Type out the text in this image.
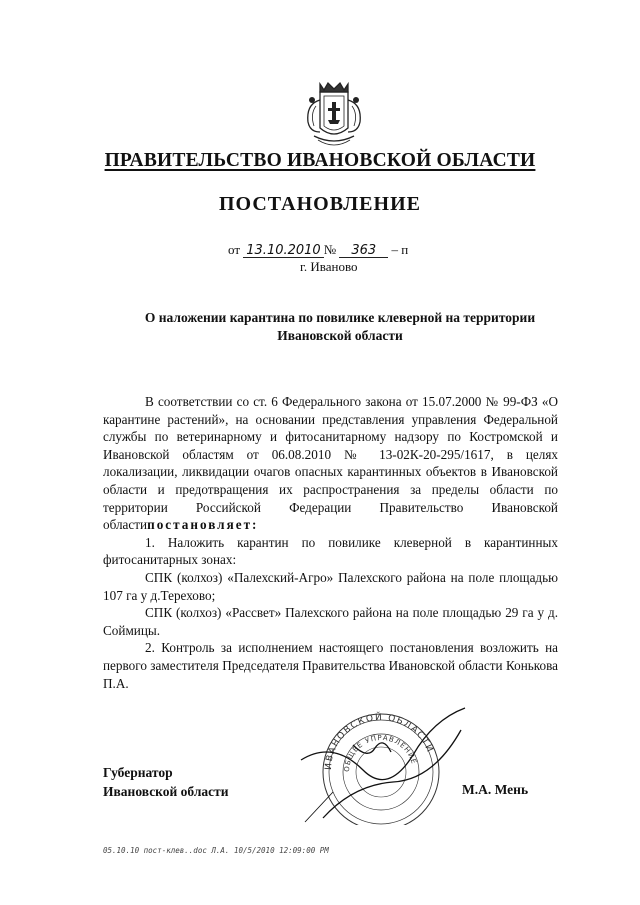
ПРАВИТЕЛЬСТВО ИВАНОВСКОЙ ОБЛАСТИ
ПОСТАНОВЛЕНИЕ
от 13.10.2010 № 363 – п
г. Иваново
О наложении карантина по повилике клеверной на территории
Ивановской области

В соответствии со ст. 6 Федерального закона от 15.07.2000 № 99-ФЗ «О карантине растений», на основании представления управления Федеральной службы по ветеринарному и фитосанитарному надзору по Костромской и Ивановской областям от 06.08.2010 № 13-02К-20-295/1617, в целях локализации, ликвидации очагов опасных карантинных объектов в Ивановской области и предотвращения их распространения за пределы области по территории Российской Федерации Правительство Ивановской областипостановляет:

1. Наложить карантин по повилике клеверной в карантинных фитосанитарных зонах:

СПК (колхоз) «Палехский-Агро» Палехского района на поле площадью 107 га у д.Терехово;

СПК (колхоз) «Рассвет» Палехского района на поле площадью 29 га у д. Соймицы.

2. Контроль за исполнением настоящего постановления возложить на первого заместителя Председателя Правительства Ивановской области Конькова П.А.

ИВАНОВСКОЙ ОБЛАСТИ
ОБЩЕЕ УПРАВЛЕНИЕ
Губернатор
Ивановской области	М.А. Мень
05.10.10 пост-клев..doc Л.А. 10/5/2010 12:09:00 PM
